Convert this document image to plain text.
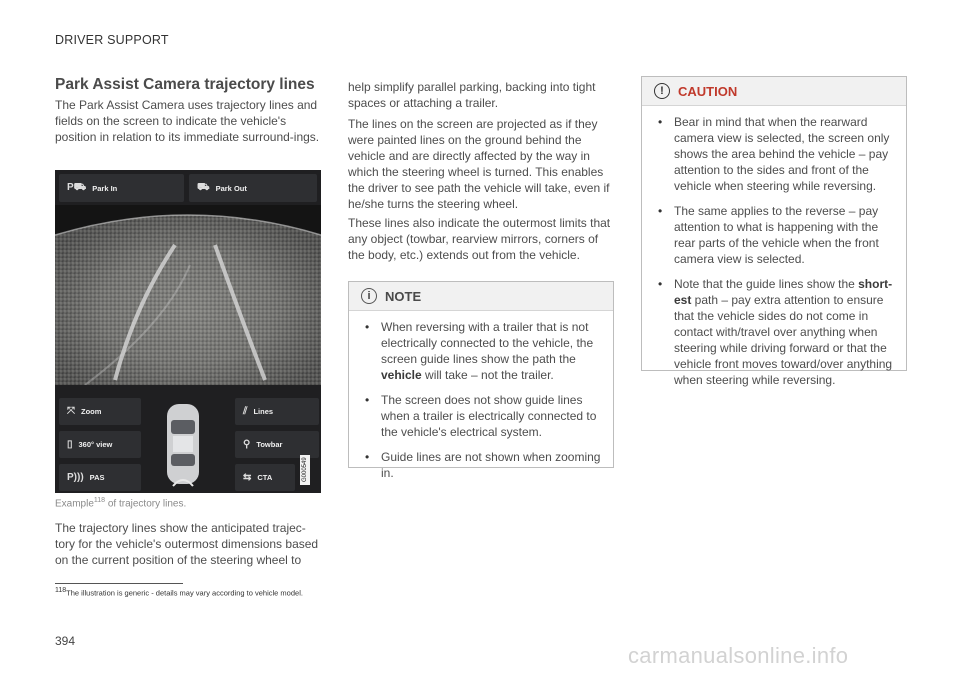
DRIVER SUPPORT
Park Assist Camera trajectory lines
The Park Assist Camera uses trajectory lines and fields on the screen to indicate the vehicle's position in relation to its immediate surround-ings.
P⛟ Park In	⛟ Park Out
⤧ Zoom
▯ 360° view
P))) PAS
⫽ Lines
⚲ Towbar
⇆ CTA	G000549
Example$^{118}$ of trajectory lines.
The trajectory lines show the anticipated trajec-tory for the vehicle's outermost dimensions based on the current position of the steering wheel to
help simplify parallel parking, backing into tight spaces or attaching a trailer.
The lines on the screen are projected as if they were painted lines on the ground behind the vehicle and are directly affected by the way in which the steering wheel is turned. This enables the driver to see path the vehicle will take, even if he/she turns the steering wheel.
These lines also indicate the outermost limits that any object (towbar, rearview mirrors, corners of the body, etc.) extends out from the vehicle.
i	NOTE
• When reversing with a trailer that is not electrically connected to the vehicle, the screen guide lines show the path the vehicle will take – not the trailer.
• The screen does not show guide lines when a trailer is electrically connected to the vehicle's electrical system.
• Guide lines are not shown when zooming in.
!	CAUTION
• Bear in mind that when the rearward camera view is selected, the screen only shows the area behind the vehicle – pay attention to the sides and front of the vehicle when steering while reversing.
• The same applies to the reverse – pay attention to what is happening with the rear parts of the vehicle when the front camera view is selected.
• Note that the guide lines show the short-est path – pay extra attention to ensure that the vehicle sides do not come in contact with/travel over anything when steering while driving forward or that the vehicle front moves toward/over anything when steering while reversing.
$^{118}$The illustration is generic - details may vary according to vehicle model.
394
carmanualsonline.info
